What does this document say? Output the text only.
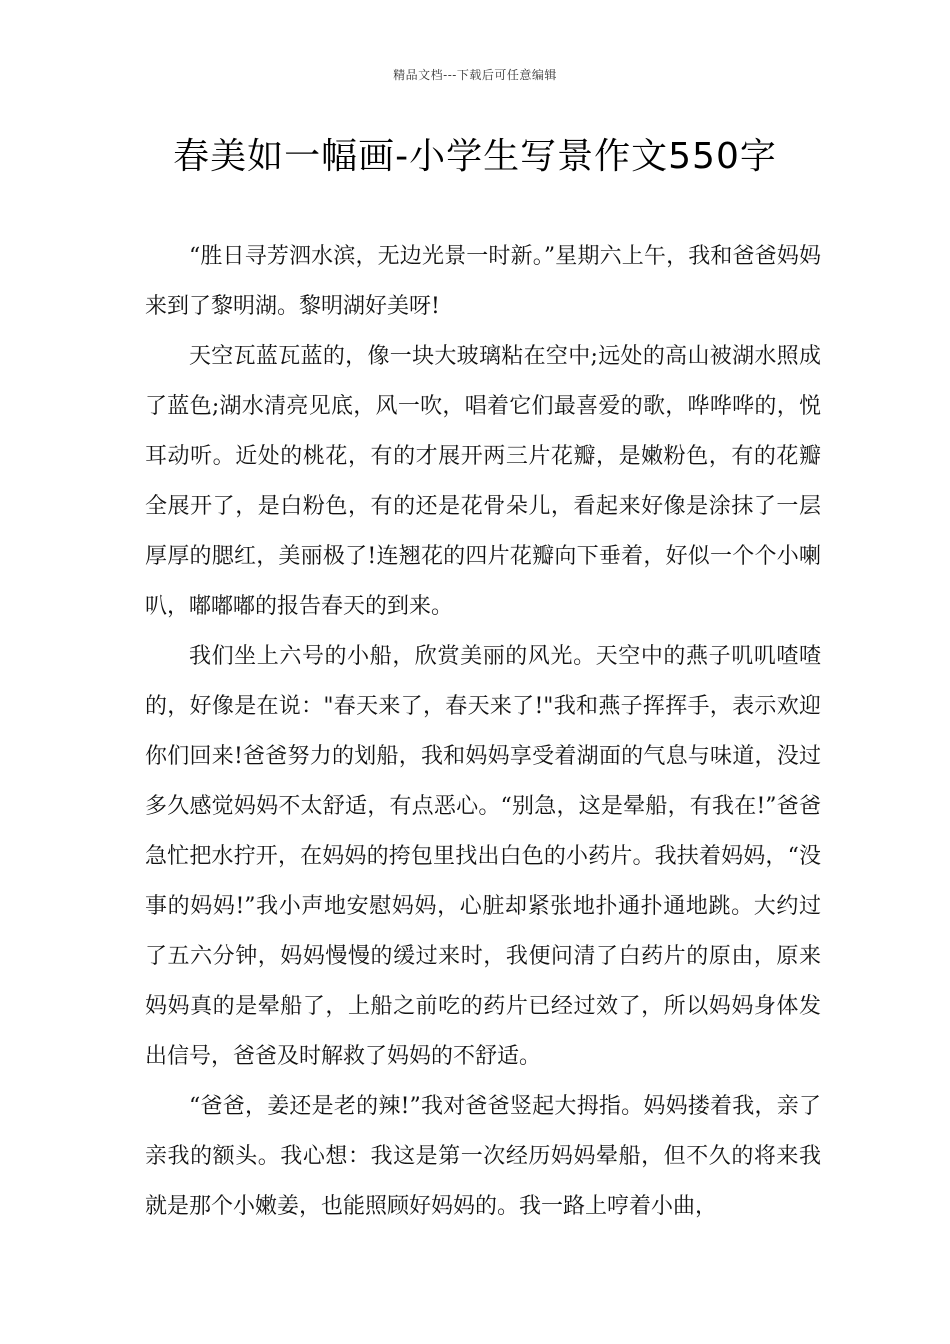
精品文档---下载后可任意编辑
春美如一幅画-小学生写景作文550字

“胜日寻芳泗水滨，无边光景一时新。”星期六上午，我和爸爸妈妈来到了黎明湖。黎明湖好美呀!

天空瓦蓝瓦蓝的，像一块大玻璃粘在空中;远处的高山被湖水照成了蓝色;湖水清亮见底，风一吹，唱着它们最喜爱的歌，哗哗哗的，悦耳动听。近处的桃花，有的才展开两三片花瓣，是嫩粉色，有的花瓣全展开了，是白粉色，有的还是花骨朵儿，看起来好像是涂抹了一层厚厚的腮红，美丽极了!连翘花的四片花瓣向下垂着，好似一个个小喇叭，嘟嘟嘟的报告春天的到来。

我们坐上六号的小船，欣赏美丽的风光。天空中的燕子叽叽喳喳的，好像是在说："春天来了，春天来了!"我和燕子挥挥手，表示欢迎你们回来!爸爸努力的划船，我和妈妈享受着湖面的气息与味道，没过多久感觉妈妈不太舒适，有点恶心。“别急，这是晕船，有我在!”爸爸急忙把水拧开，在妈妈的挎包里找出白色的小药片。我扶着妈妈，“没事的妈妈!”我小声地安慰妈妈，心脏却紧张地扑通扑通地跳。大约过了五六分钟，妈妈慢慢的缓过来时，我便问清了白药片的原由，原来妈妈真的是晕船了，上船之前吃的药片已经过效了，所以妈妈身体发出信号，爸爸及时解救了妈妈的不舒适。

“爸爸，姜还是老的辣!”我对爸爸竖起大拇指。妈妈搂着我，亲了亲我的额头。我心想：我这是第一次经历妈妈晕船，但不久的将来我就是那个小嫩姜，也能照顾好妈妈的。我一路上哼着小曲，
